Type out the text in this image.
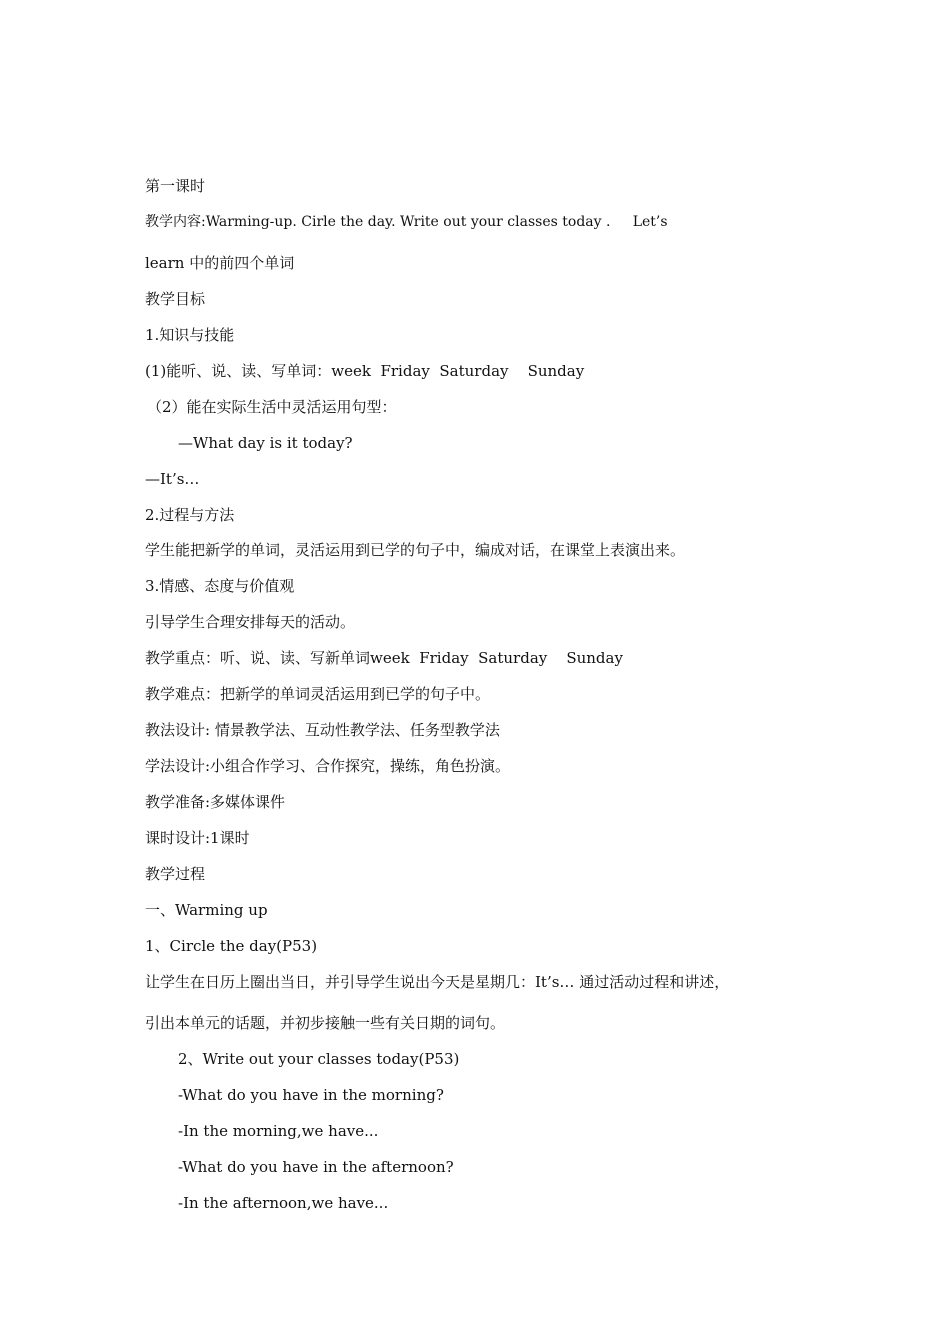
第一课时
教学内容:Warming-up. Cirle the day. Write out your classes today .     Let’s
learn 中的前四个单词
教学目标
1.知识与技能
(1)能听、说、读、写单词：week  Friday  Saturday    Sunday
（2）能在实际生活中灵活运用句型：
—What day is it today?
—It’s…
2.过程与方法
学生能把新学的单词，灵活运用到已学的句子中，编成对话，在课堂上表演出来。
3.情感、态度与价值观
引导学生合理安排每天的活动。
教学重点：听、说、读、写新单词week  Friday  Saturday    Sunday
教学难点：把新学的单词灵活运用到已学的句子中。
教法设计: 情景教学法、互动性教学法、任务型教学法
学法设计:小组合作学习、合作探究，操练，角色扮演。
教学准备:多媒体课件
课时设计:1课时
教学过程
一、Warming up
1、Circle the day(P53)
让学生在日历上圈出当日，并引导学生说出今天是星期几：It’s… 通过活动过程和讲述，
引出本单元的话题，并初步接触一些有关日期的词句。
2、Write out your classes today(P53)
-What do you have in the morning?
-In the morning,we have...
-What do you have in the afternoon?
-In the afternoon,we have...
